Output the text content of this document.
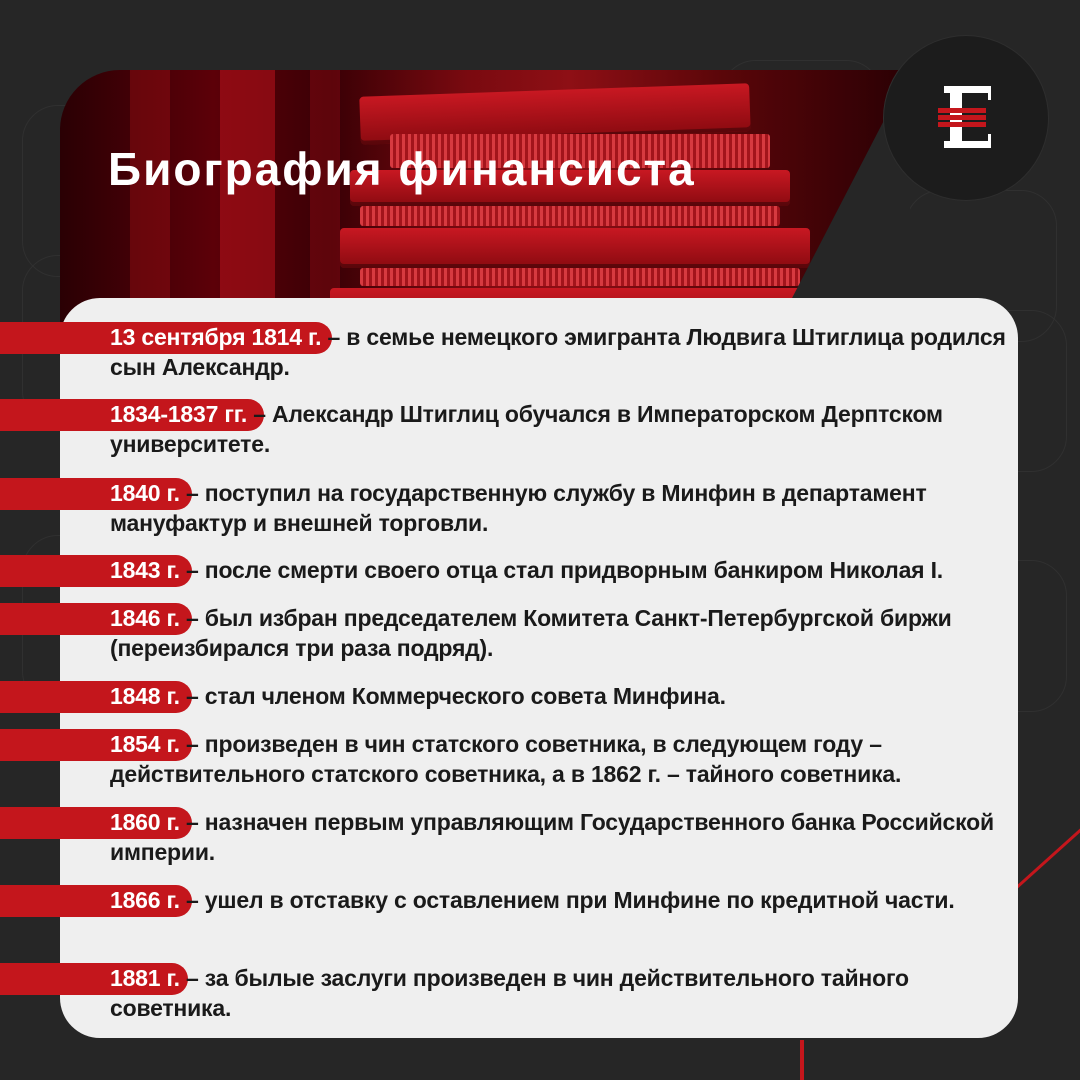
Биография финансиста
13 сентября 1814 г. – в семье немецкого эмигранта Людвига Штиглица родился сын Александр.
1834-1837 гг. – Александр Штиглиц обучался в Императорском Дерптском университете.
1840 г. – поступил на государственную службу в Минфин в департамент мануфактур и внешней торговли.
1843 г. – после смерти своего отца стал придворным банкиром Николая I.
1846 г. – был избран председателем Комитета Санкт-Петербургской биржи (переизбирался три раза подряд).
1848 г. – стал членом Коммерческого совета Минфина.
1854 г. – произведен в чин статского советника, в следующем году – действительного статского советника, а в 1862 г. – тайного советника.
1860 г. – назначен первым управляющим Государственного банка Российской империи.
1866 г. – ушел в отставку с оставлением при Минфине по кредитной части.
1881 г. – за былые заслуги произведен в чин действительного тайного советника.
